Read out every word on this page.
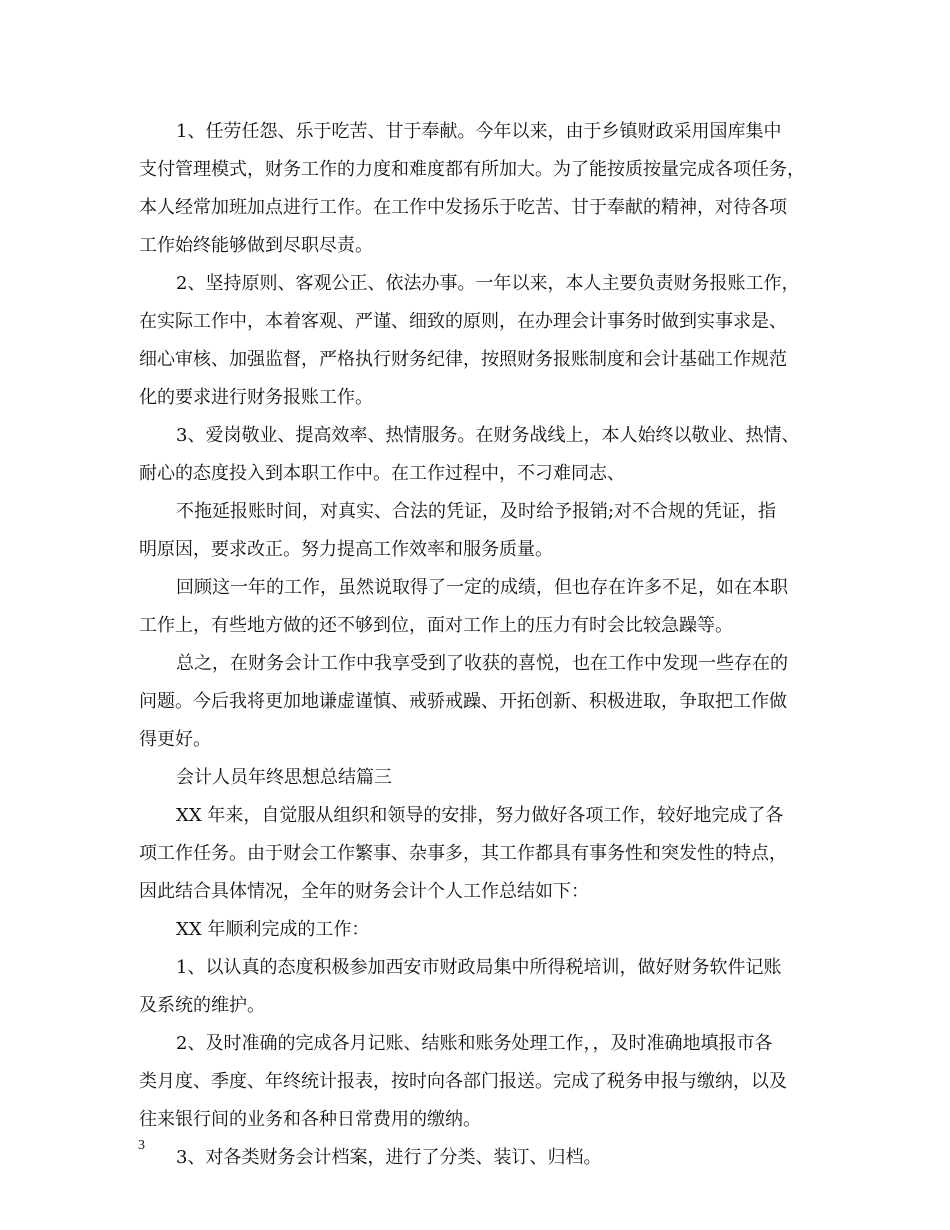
1、任劳任怨、乐于吃苦、甘于奉献。今年以来，由于乡镇财政采用国库集中
支付管理模式，财务工作的力度和难度都有所加大。为了能按质按量完成各项任务，
本人经常加班加点进行工作。在工作中发扬乐于吃苦、甘于奉献的精神，对待各项
工作始终能够做到尽职尽责。
2、坚持原则、客观公正、依法办事。一年以来，本人主要负责财务报账工作，
在实际工作中，本着客观、严谨、细致的原则，在办理会计事务时做到实事求是、
细心审核、加强监督，严格执行财务纪律，按照财务报账制度和会计基础工作规范
化的要求进行财务报账工作。
3、爱岗敬业、提高效率、热情服务。在财务战线上，本人始终以敬业、热情、
耐心的态度投入到本职工作中。在工作过程中，不刁难同志、
不拖延报账时间，对真实、合法的凭证，及时给予报销;对不合规的凭证，指
明原因，要求改正。努力提高工作效率和服务质量。
回顾这一年的工作，虽然说取得了一定的成绩，但也存在许多不足，如在本职
工作上，有些地方做的还不够到位，面对工作上的压力有时会比较急躁等。
总之，在财务会计工作中我享受到了收获的喜悦，也在工作中发现一些存在的
问题。今后我将更加地谦虚谨慎、戒骄戒躁、开拓创新、积极进取，争取把工作做
得更好。
会计人员年终思想总结篇三
XX 年来，自觉服从组织和领导的安排，努力做好各项工作，较好地完成了各
项工作任务。由于财会工作繁事、杂事多，其工作都具有事务性和突发性的特点，
因此结合具体情况，全年的财务会计个人工作总结如下：
XX 年顺利完成的工作：
1、以认真的态度积极参加西安市财政局集中所得税培训，做好财务软件记账
及系统的维护。
2、及时准确的完成各月记账、结账和账务处理工作，，及时准确地填报市各
类月度、季度、年终统计报表，按时向各部门报送。完成了税务申报与缴纳，以及
往来银行间的业务和各种日常费用的缴纳。
3、对各类财务会计档案，进行了分类、装订、归档。
3
